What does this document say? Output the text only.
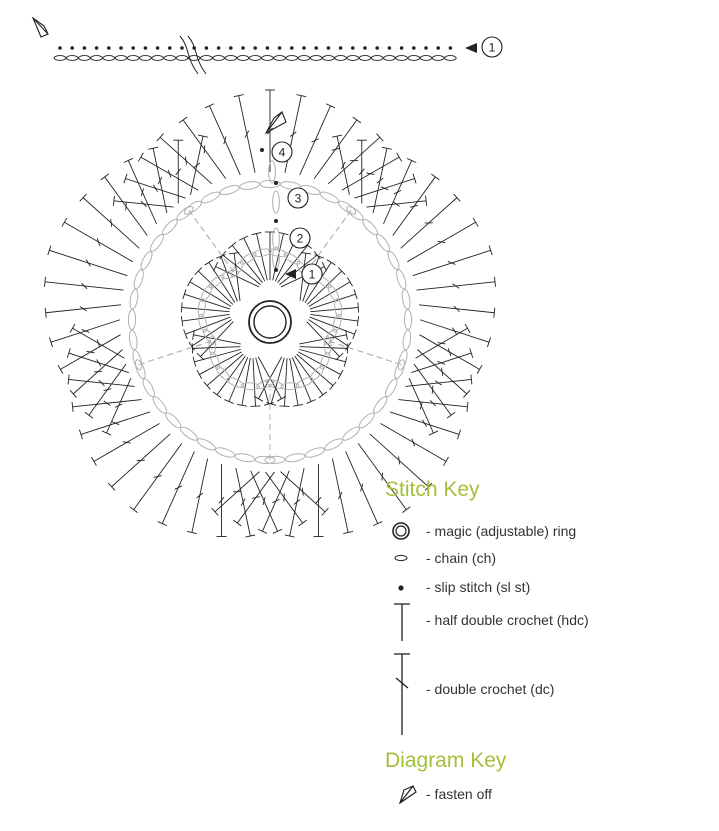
1
1
2
3
4
Stitch Key
- magic (adjustable) ring
- chain (ch)
- slip stitch (sl st)
- half double crochet (hdc)
- double crochet (dc)
Diagram Key
- fasten off
